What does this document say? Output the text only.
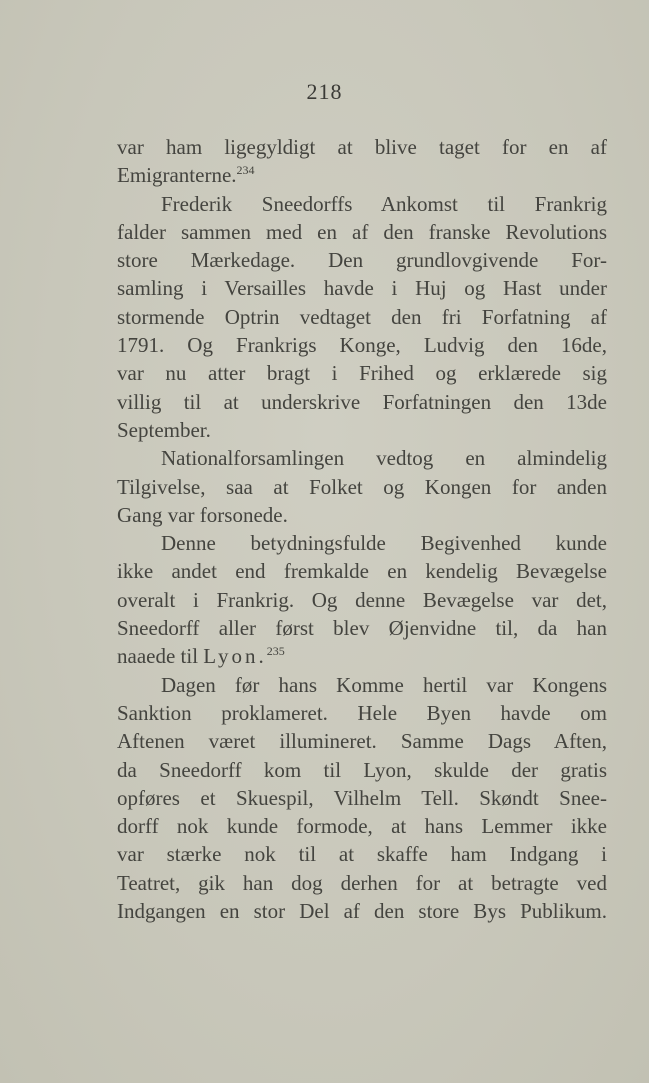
218
var ham ligegyldigt at blive taget for en af
Emigranterne.$^{234}$
Frederik Sneedorffs Ankomst til Frankrig
falder sammen med en af den franske Revolutions
store Mærkedage. Den grundlovgivende For-
samling i Versailles havde i Huj og Hast under
stormende Optrin vedtaget den fri Forfatning af
1791. Og Frankrigs Konge, Ludvig den 16de,
var nu atter bragt i Frihed og erklærede sig
villig til at underskrive Forfatningen den 13de
September.
Nationalforsamlingen vedtog en almindelig
Tilgivelse, saa at Folket og Kongen for anden
Gang var forsonede.
Denne betydningsfulde Begivenhed kunde
ikke andet end fremkalde en kendelig Bevægelse
overalt i Frankrig. Og denne Bevægelse var det,
Sneedorff aller først blev Øjenvidne til, da han
naaede til Lyon.$^{235}$
Dagen før hans Komme hertil var Kongens
Sanktion proklameret. Hele Byen havde om
Aftenen været illumineret. Samme Dags Aften,
da Sneedorff kom til Lyon, skulde der gratis
opføres et Skuespil, Vilhelm Tell. Skøndt Snee-
dorff nok kunde formode, at hans Lemmer ikke
var stærke nok til at skaffe ham Indgang i
Teatret, gik han dog derhen for at betragte ved
Indgangen en stor Del af den store Bys Publikum.
